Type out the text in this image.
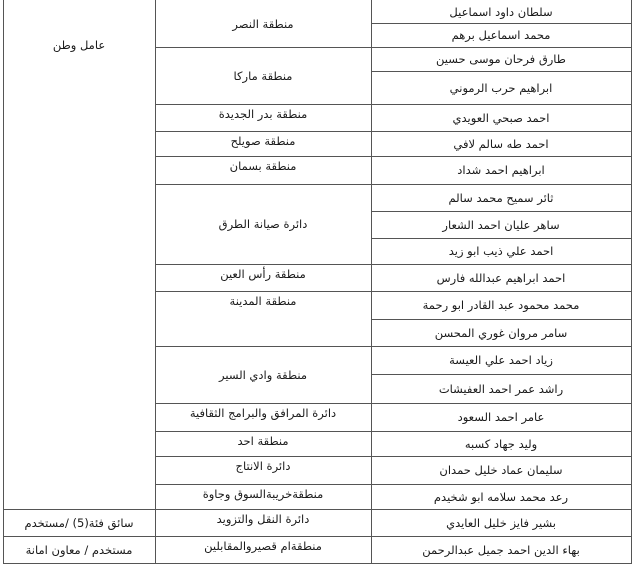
سلطان داود اسماعيل
محمد اسماعيل برهم
طارق فرحان موسى حسين
ابراهيم حرب الرموني
احمد صبحي العويدي
احمد طه سالم لافي
ابراهيم احمد شداد
ثائر سميح محمد سالم
ساهر عليان احمد الشعار
احمد علي ذيب ابو زيد
احمد ابراهيم عبدالله فارس
محمد محمود عبد القادر ابو رحمة
سامر مروان غوري المحسن
زياد احمد علي العيسة
راشد عمر احمد العفيشات
عامر احمد السعود
وليد جهاد كسبه
سليمان عماد خليل حمدان
رعد محمد سلامه ابو شخيدم
بشير فايز خليل العايدي
بهاء الدين احمد جميل عبدالرحمن
منطقة النصر
منطقة ماركا
منطقة بدر الجديدة
منطقة صويلح
منطقة بسمان
دائرة صيانة الطرق
منطقة رأس العين
منطقة المدينة
منطقة وادي السير
دائرة المرافق والبرامج الثقافية
منطقة احد
دائرة الانتاج
منطقةخريبةالسوق وجاوة
دائرة النقل والتزويد
منطقةام قصيروالمقابلين
عامل وطن
سائق فئة(5) /مستخدم
مستخدم / معاون امانة
